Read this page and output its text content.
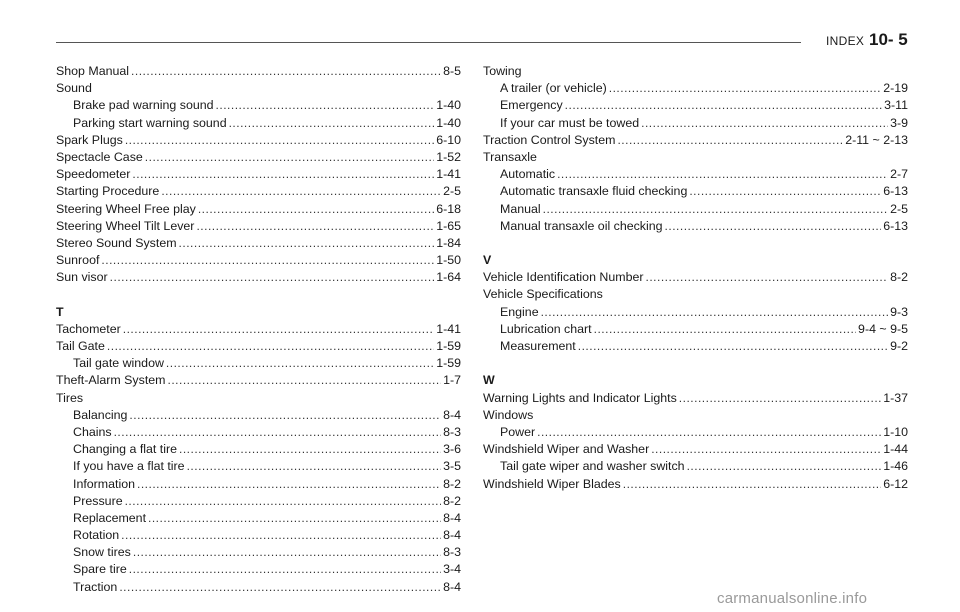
INDEX 10- 5
Shop Manual .....	8-5
Sound
Brake pad warning sound .....	1-40
Parking start warning sound .....	1-40
Spark Plugs .....	6-10
Spectacle Case .....	1-52
Speedometer .....	1-41
Starting Procedure .....	2-5
Steering Wheel Free play .....	6-18
Steering Wheel Tilt Lever .....	1-65
Stereo Sound System .....	1-84
Sunroof .....	1-50
Sun visor .....	1-64
T
Tachometer .....	1-41
Tail Gate .....	1-59
Tail gate window .....	1-59
Theft-Alarm System .....	1-7
Tires
Balancing .....	8-4
Chains .....	8-3
Changing a flat tire .....	3-6
If you have a flat tire .....	3-5
Information .....	8-2
Pressure .....	8-2
Replacement .....	8-4
Rotation .....	8-4
Snow tires .....	8-3
Spare tire .....	3-4
Traction .....	8-4
Towing
A trailer (or vehicle) .....	2-19
Emergency .....	3-11
If your car must be towed .....	3-9
Traction Control System .....	2-11 ~ 2-13
Transaxle
Automatic .....	2-7
Automatic transaxle fluid checking .....	6-13
Manual .....	2-5
Manual transaxle oil checking .....	6-13
V
Vehicle Identification Number .....	8-2
Vehicle Specifications
Engine .....	9-3
Lubrication chart .....	9-4 ~ 9-5
Measurement .....	9-2
W
Warning Lights and Indicator Lights .....	1-37
Windows
Power .....	1-10
Windshield Wiper and Washer .....	1-44
Tail gate wiper and washer switch .....	1-46
Windshield Wiper Blades .....	6-12
carmanualsonline.info
